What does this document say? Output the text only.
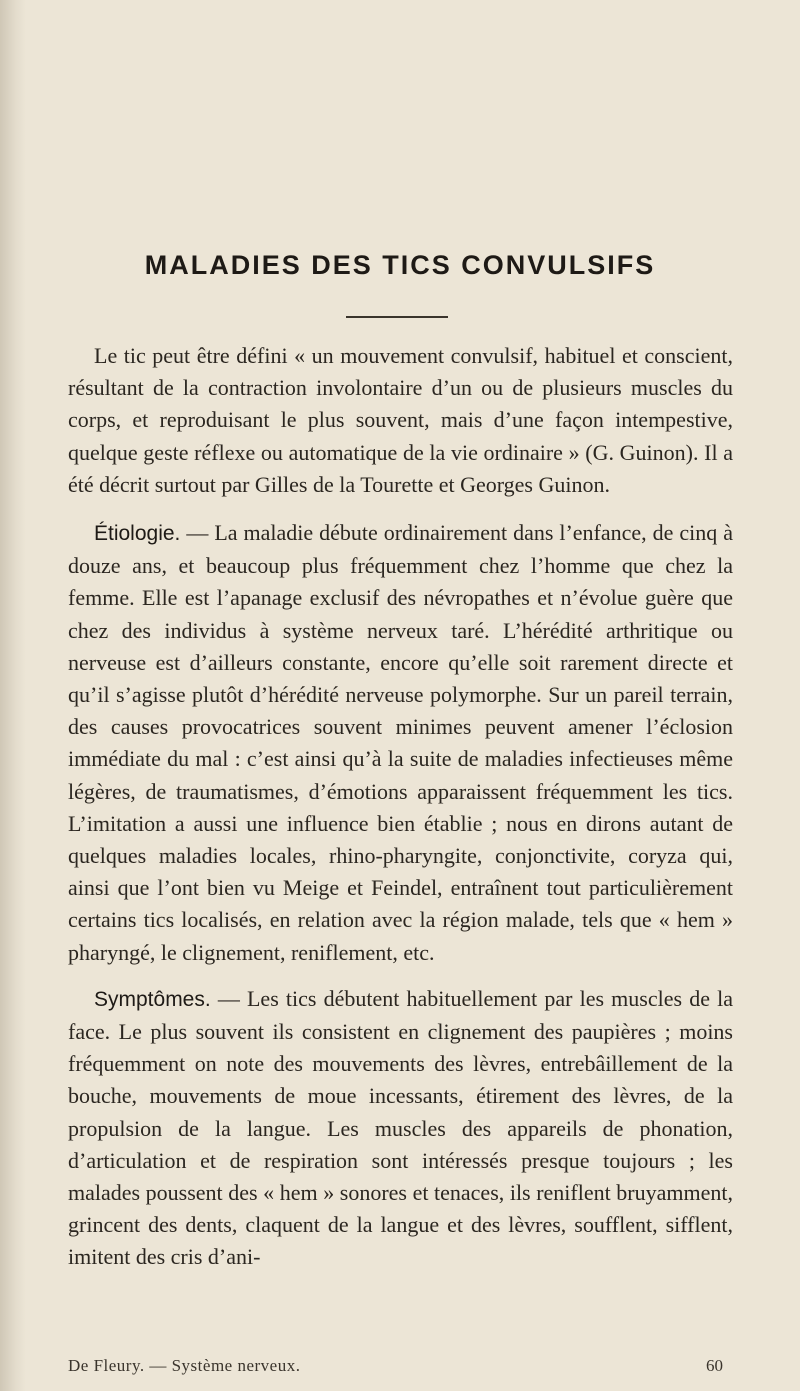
MALADIES DES TICS CONVULSIFS

Le tic peut être défini « un mouvement convulsif, habituel et conscient, résultant de la contraction involontaire d’un ou de plusieurs muscles du corps, et reproduisant le plus souvent, mais d’une façon intempestive, quelque geste réflexe ou automatique de la vie ordinaire » (G. Guinon). Il a été décrit surtout par Gilles de la Tourette et Georges Guinon.

Étiologie. — La maladie débute ordinairement dans l’enfance, de cinq à douze ans, et beaucoup plus fréquemment chez l’homme que chez la femme. Elle est l’apanage exclusif des névropathes et n’évolue guère que chez des individus à système nerveux taré. L’hérédité arthritique ou nerveuse est d’ailleurs constante, encore qu’elle soit rarement directe et qu’il s’agisse plutôt d’hérédité nerveuse polymorphe. Sur un pareil terrain, des causes provocatrices souvent minimes peuvent amener l’éclosion immédiate du mal : c’est ainsi qu’à la suite de maladies infectieuses même légères, de traumatismes, d’émotions apparaissent fréquemment les tics. L’imitation a aussi une influence bien établie ; nous en dirons autant de quelques maladies locales, rhino-pharyngite, conjonctivite, coryza qui, ainsi que l’ont bien vu Meige et Feindel, entraînent tout particulièrement certains tics localisés, en relation avec la région malade, tels que « hem » pharyngé, le clignement, reniflement, etc.

Symptômes. — Les tics débutent habituellement par les muscles de la face. Le plus souvent ils consistent en clignement des paupières ; moins fréquemment on note des mouvements des lèvres, entrebâillement de la bouche, mouvements de moue incessants, étirement des lèvres, de la propulsion de la langue. Les muscles des appareils de phonation, d’articulation et de respiration sont intéressés presque toujours ; les malades poussent des « hem » sonores et tenaces, ils reniflent bruyamment, grincent des dents, claquent de la langue et des lèvres, soufflent, sifflent, imitent des cris d’ani-

De Fleury. — Système nerveux.	60
